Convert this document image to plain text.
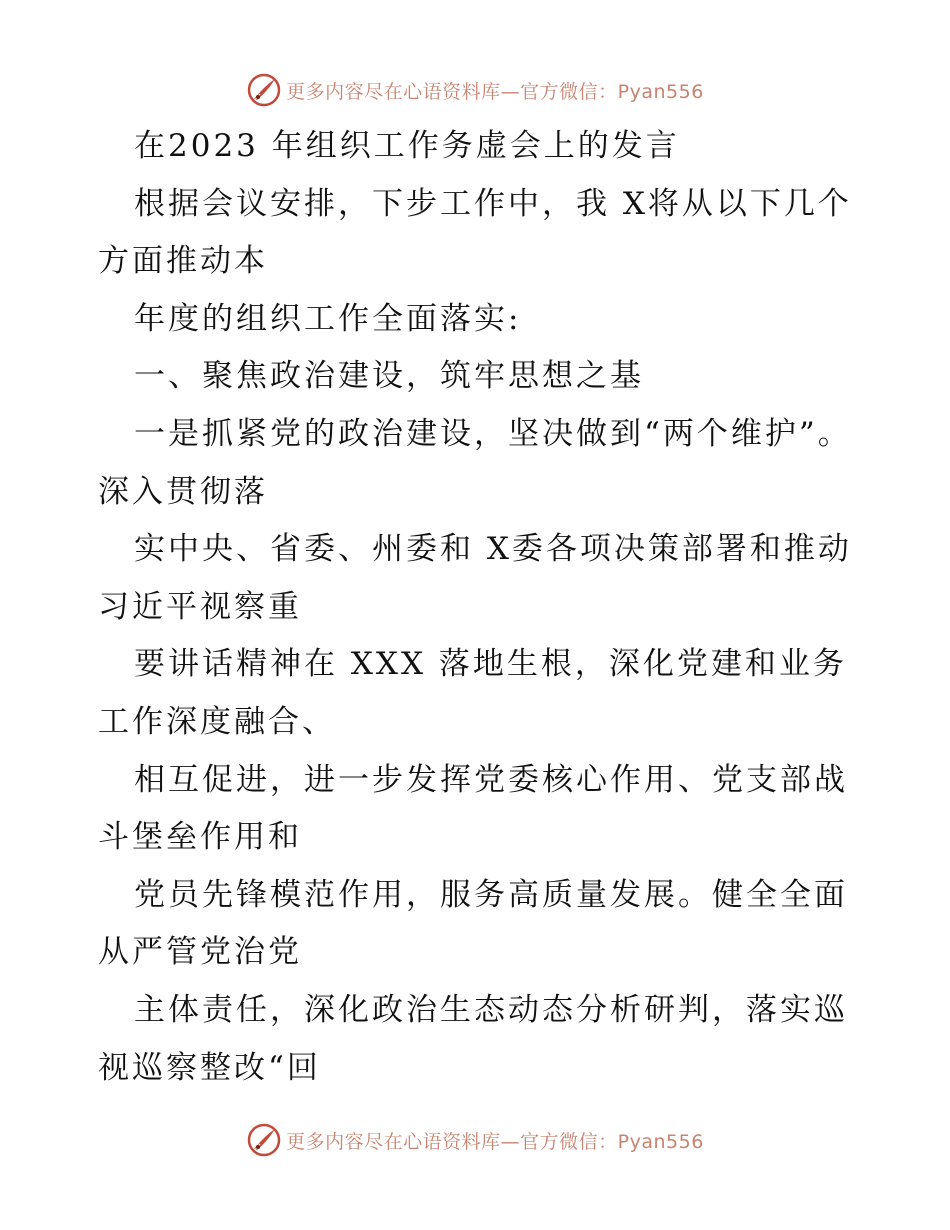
更多内容尽在心语资料库—官方微信：Pyan556

在2023 年组织工作务虚会上的发言

根据会议安排，下步工作中，我 X将从以下几个方面推动本

年度的组织工作全面落实:

一、聚焦政治建设，筑牢思想之基

一是抓紧党的政治建设，坚决做到“两个维护”。深入贯彻落

实中央、省委、州委和 X委各项决策部署和推动习近平视察重

要讲话精神在 XXX 落地生根，深化党建和业务工作深度融合、

相互促进，进一步发挥党委核心作用、党支部战斗堡垒作用和

党员先锋模范作用，服务高质量发展。健全全面从严管党治党

主体责任，深化政治生态动态分析研判，落实巡视巡察整改“回

更多内容尽在心语资料库—官方微信：Pyan556
